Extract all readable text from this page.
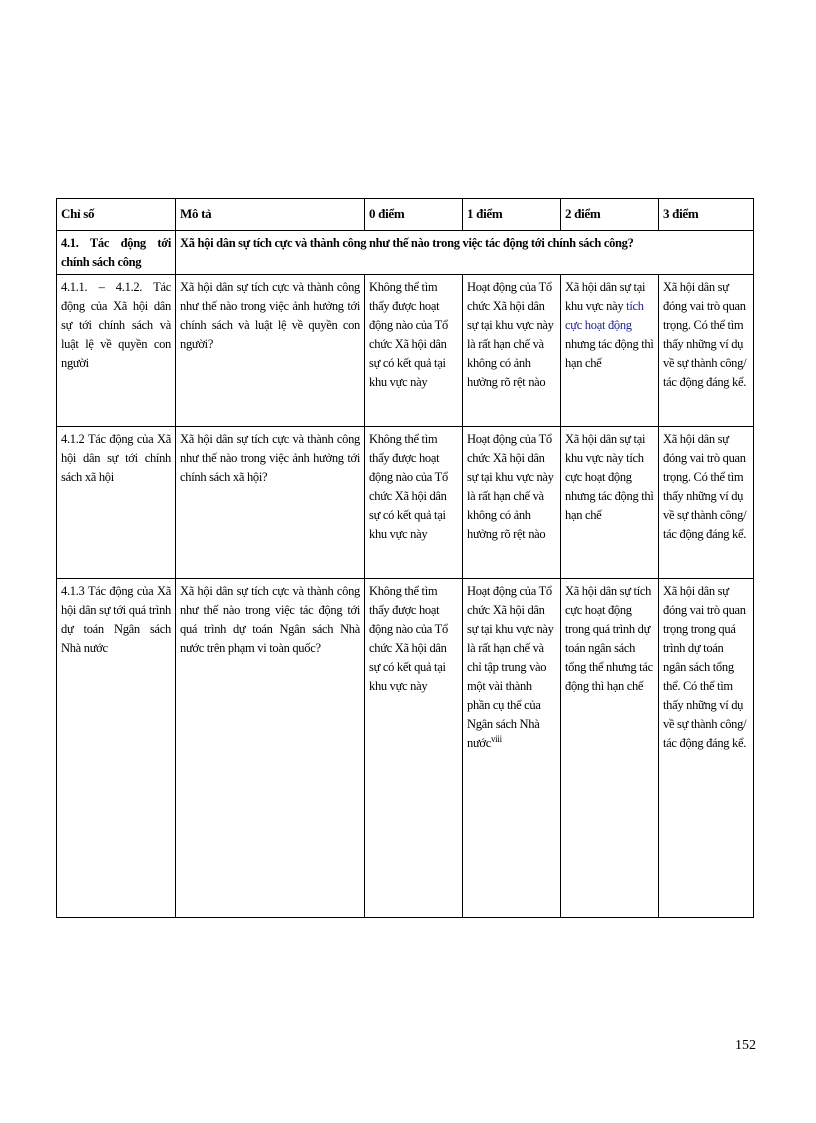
Chỉ số	Mô tả	0 điểm	1 điểm	2 điểm	3 điểm
4.1. Tác động tới chính sách công	Xã hội dân sự tích cực và thành công như thế nào trong việc tác động tới chính sách công?				
4.1.1. – 4.1.2. Tác động của Xã hội dân sự tới chính sách và luật lệ về quyền con người	Xã hội dân sự tích cực và thành công như thế nào trong việc ảnh hưởng tới chính sách và luật lệ về quyền con người?	Không thể tìm thấy được hoạt động nào của Tổ chức Xã hội dân sự có kết quả tại khu vực này	Hoạt động của Tổ chức Xã hội dân sự tại khu vực này là rất hạn chế và không có ảnh hưởng rõ rệt nào	Xã hội dân sự tại khu vực này tích cực hoạt động nhưng tác động thì hạn chế	Xã hội dân sự đóng vai trò quan trọng. Có thể tìm thấy những ví dụ về sự thành công/ tác động đáng kể.
4.1.2 Tác động của Xã hội dân sự tới chính sách xã hội	Xã hội dân sự tích cực và thành công như thế nào trong việc ảnh hưởng tới chính sách xã hội?	Không thể tìm thấy được hoạt động nào của Tổ chức Xã hội dân sự có kết quả tại khu vực này	Hoạt động của Tổ chức Xã hội dân sự tại khu vực này là rất hạn chế và không có ảnh hưởng rõ rệt nào	Xã hội dân sự tại khu vực này tích cực hoạt động nhưng tác động thì hạn chế	Xã hội dân sự đóng vai trò quan trọng. Có thể tìm thấy những ví dụ về sự thành công/ tác động đáng kể.
4.1.3 Tác động của Xã hội dân sự tới quá trình dự toán Ngân sách Nhà nước	Xã hội dân sự tích cực và thành công như thế nào trong việc tác động tới quá trình dự toán Ngân sách Nhà nước trên phạm vi toàn quốc?	Không thể tìm thấy được hoạt động nào của Tổ chức Xã hội dân sự có kết quả tại khu vực này	Hoạt động của Tổ chức Xã hội dân sự tại khu vực này là rất hạn chế và chỉ tập trung vào một vài thành phần cụ thể của Ngân sách Nhà nước$^{viii}$	Xã hội dân sự tích cực hoạt động trong quá trình dự toán ngân sách tổng thể nhưng tác động thì hạn chế	Xã hội dân sự đóng vai trò quan trọng trong quá trình dự toán ngân sách tổng thể. Có thể tìm thấy những ví dụ về sự thành công/ tác động đáng kể.
152
